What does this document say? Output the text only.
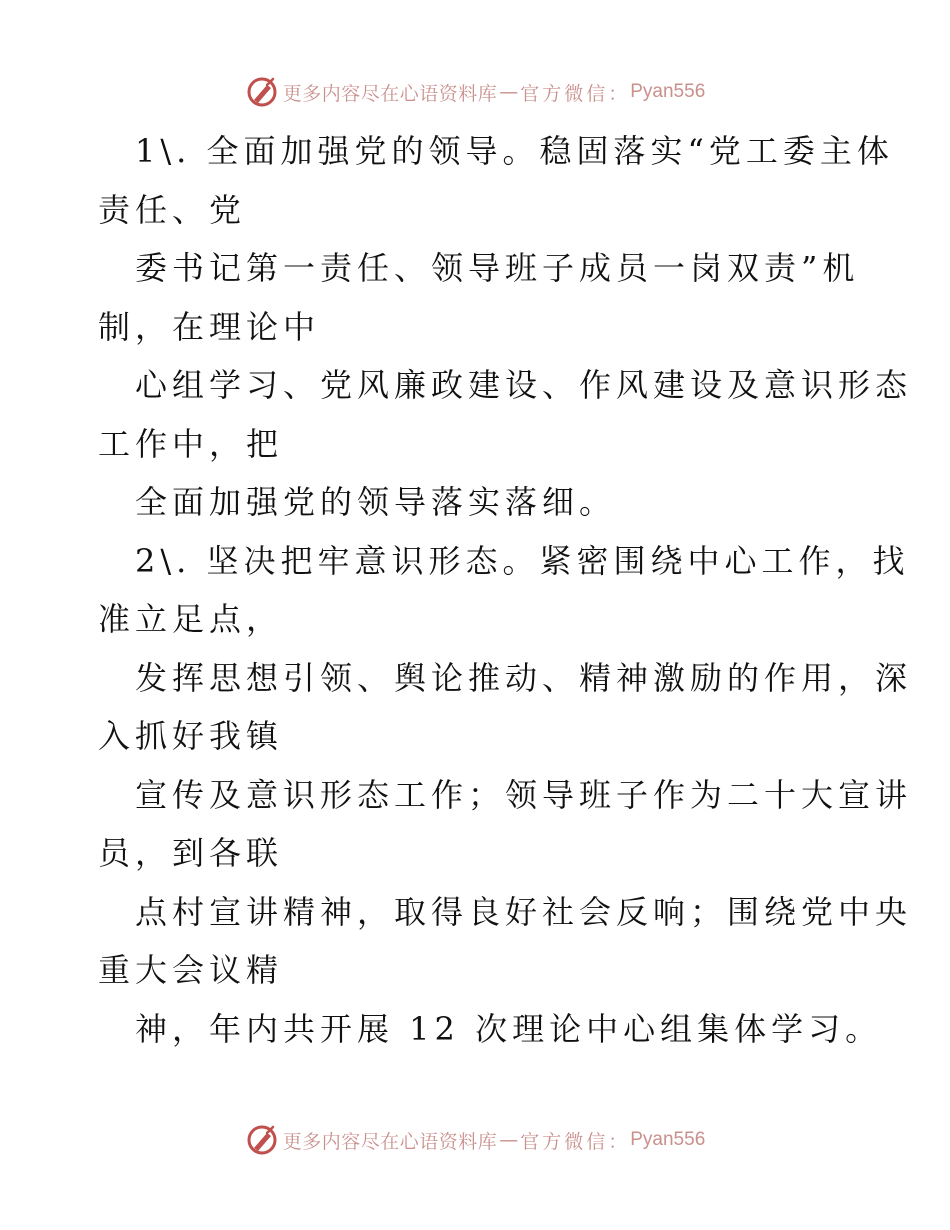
更多内容尽在心语资料库 — 官方微信： Pyan556
1\. 全面加强党的领导。稳固落实“党工委主体
责任、党
委书记第一责任、领导班子成员一岗双责”机
制，在理论中
心组学习、党风廉政建设、作风建设及意识形态
工作中，把
全面加强党的领导落实落细。
2\. 坚决把牢意识形态。紧密围绕中心工作，找
准立足点，
发挥思想引领、舆论推动、精神激励的作用，深
入抓好我镇
宣传及意识形态工作；领导班子作为二十大宣讲
员，到各联
点村宣讲精神，取得良好社会反响；围绕党中央
重大会议精
神，年内共开展 12 次理论中心组集体学习。
更多内容尽在心语资料库 — 官方微信： Pyan556
